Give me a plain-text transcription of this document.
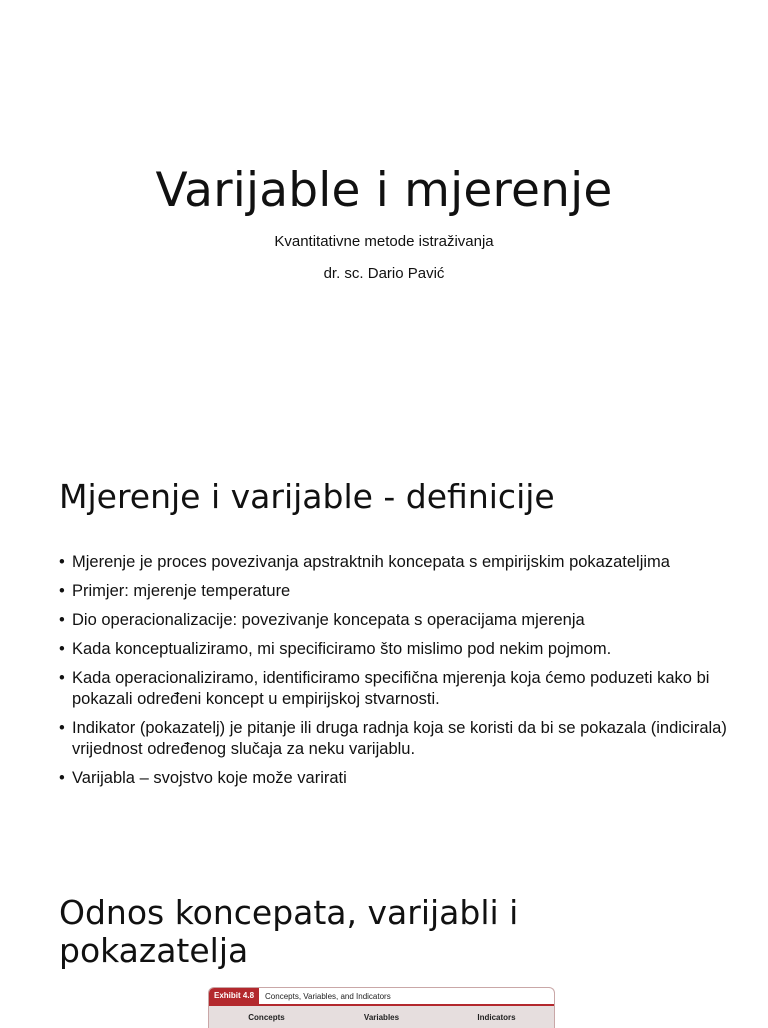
Varijable i mjerenje

Kvantitativne metode istraživanja

dr. sc. Dario Pavić

Mjerenje i varijable - definicije
• Mjerenje je proces povezivanja apstraktnih koncepata s empirijskim pokazateljima
• Primjer: mjerenje temperature
• Dio operacionalizacije: povezivanje koncepata s operacijama mjerenja
• Kada konceptualiziramo, mi specificiramo što mislimo pod nekim pojmom.
• Kada operacionaliziramo, identificiramo specifična mjerenja koja ćemo poduzeti kako bi pokazali određeni koncept u empirijskoj stvarnosti.
• Indikator (pokazatelj) je pitanje ili druga radnja koja se koristi da bi se pokazala (indicirala) vrijednost određenog slučaja za neku varijablu.
• Varijabla – svojstvo koje može varirati
Odnos koncepata, varijabli i pokazatelja
Exhibit 4.8	Concepts, Variables, and Indicators
Concepts	Variables	Indicators
